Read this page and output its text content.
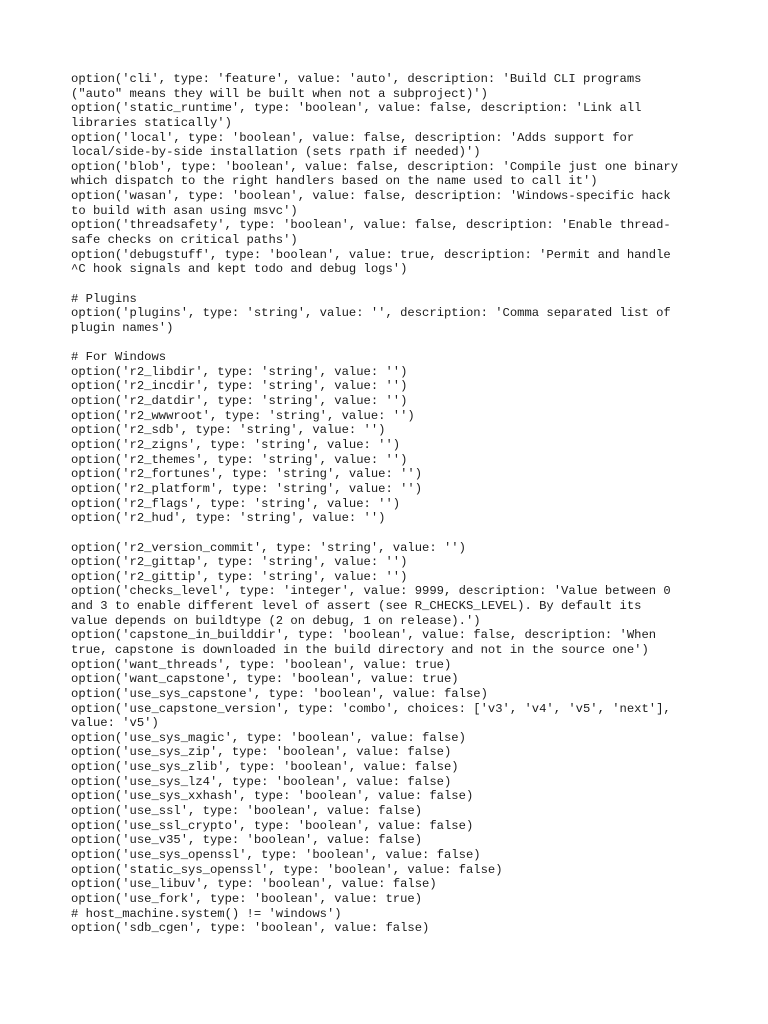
option('cli', type: 'feature', value: 'auto', description: 'Build CLI programs
("auto" means they will be built when not a subproject)')
option('static_runtime', type: 'boolean', value: false, description: 'Link all
libraries statically')
option('local', type: 'boolean', value: false, description: 'Adds support for
local/side-by-side installation (sets rpath if needed)')
option('blob', type: 'boolean', value: false, description: 'Compile just one binary
which dispatch to the right handlers based on the name used to call it')
option('wasan', type: 'boolean', value: false, description: 'Windows-specific hack
to build with asan using msvc')
option('threadsafety', type: 'boolean', value: false, description: 'Enable thread-
safe checks on critical paths')
option('debugstuff', type: 'boolean', value: true, description: 'Permit and handle
^C hook signals and kept todo and debug logs')
# Plugins
option('plugins', type: 'string', value: '', description: 'Comma separated list of
plugin names')
# For Windows
option('r2_libdir', type: 'string', value: '')
option('r2_incdir', type: 'string', value: '')
option('r2_datdir', type: 'string', value: '')
option('r2_wwwroot', type: 'string', value: '')
option('r2_sdb', type: 'string', value: '')
option('r2_zigns', type: 'string', value: '')
option('r2_themes', type: 'string', value: '')
option('r2_fortunes', type: 'string', value: '')
option('r2_platform', type: 'string', value: '')
option('r2_flags', type: 'string', value: '')
option('r2_hud', type: 'string', value: '')
option('r2_version_commit', type: 'string', value: '')
option('r2_gittap', type: 'string', value: '')
option('r2_gittip', type: 'string', value: '')
option('checks_level', type: 'integer', value: 9999, description: 'Value between 0
and 3 to enable different level of assert (see R_CHECKS_LEVEL). By default its
value depends on buildtype (2 on debug, 1 on release).')
option('capstone_in_builddir', type: 'boolean', value: false, description: 'When
true, capstone is downloaded in the build directory and not in the source one')
option('want_threads', type: 'boolean', value: true)
option('want_capstone', type: 'boolean', value: true)
option('use_sys_capstone', type: 'boolean', value: false)
option('use_capstone_version', type: 'combo', choices: ['v3', 'v4', 'v5', 'next'],
value: 'v5')
option('use_sys_magic', type: 'boolean', value: false)
option('use_sys_zip', type: 'boolean', value: false)
option('use_sys_zlib', type: 'boolean', value: false)
option('use_sys_lz4', type: 'boolean', value: false)
option('use_sys_xxhash', type: 'boolean', value: false)
option('use_ssl', type: 'boolean', value: false)
option('use_ssl_crypto', type: 'boolean', value: false)
option('use_v35', type: 'boolean', value: false)
option('use_sys_openssl', type: 'boolean', value: false)
option('static_sys_openssl', type: 'boolean', value: false)
option('use_libuv', type: 'boolean', value: false)
option('use_fork', type: 'boolean', value: true)
# host_machine.system() != 'windows')
option('sdb_cgen', type: 'boolean', value: false)
